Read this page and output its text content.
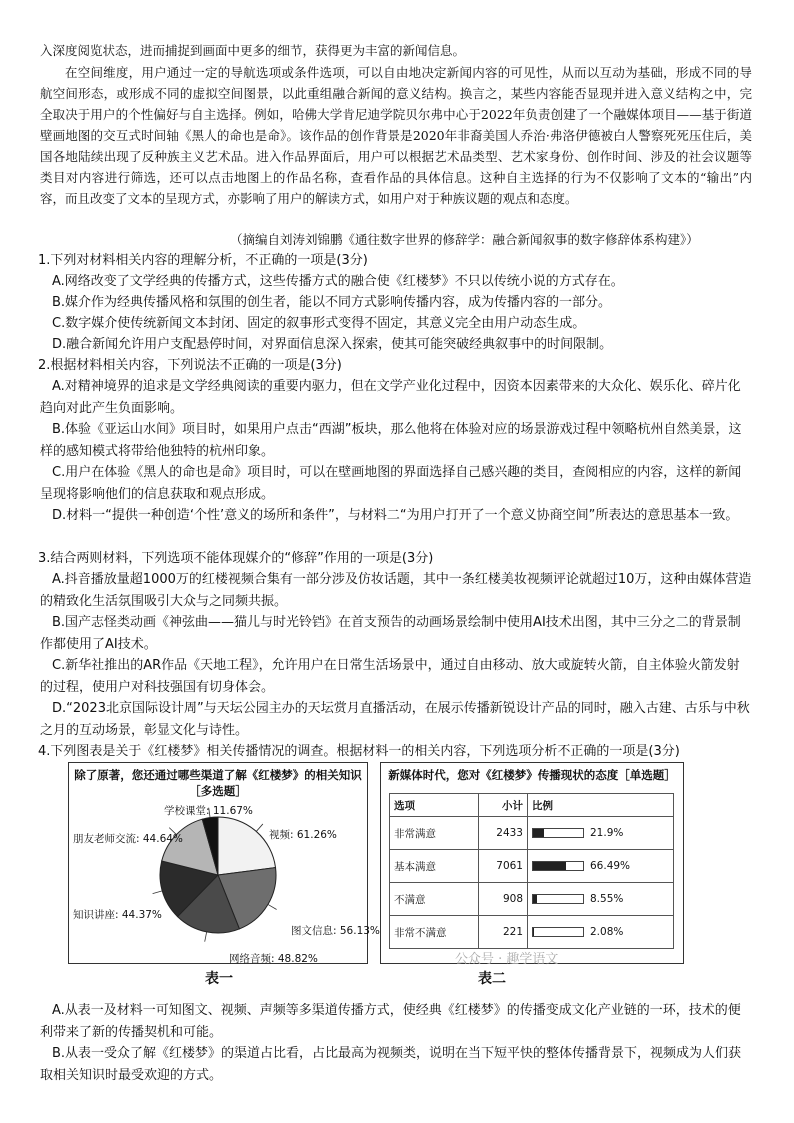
入深度阅览状态，进而捕捉到画面中更多的细节，获得更为丰富的新闻信息。

在空间维度，用户通过一定的导航选项或条件选项，可以自由地决定新闻内容的可见性，从而以互动为基础，形成不同的导航空间形态，或形成不同的虚拟空间图景，以此重组融合新闻的意义结构。换言之，某些内容能否显现并进入意义结构之中，完全取决于用户的个性偏好与自主选择。例如，哈佛大学肯尼迪学院贝尔弗中心于2022年负责创建了一个融媒体项目——基于街道壁画地图的交互式时间轴《黑人的命也是命》。该作品的创作背景是2020年非裔美国人乔治·弗洛伊德被白人警察死死压住后，美国各地陆续出现了反种族主义艺术品。进入作品界面后，用户可以根据艺术品类型、艺术家身份、创作时间、涉及的社会议题等类目对内容进行筛选，还可以点击地图上的作品名称，查看作品的具体信息。这种自主选择的行为不仅影响了文本的“输出”内容，而且改变了文本的呈现方式，亦影响了用户的解读方式，如用户对于种族议题的观点和态度。

（摘编自刘涛刘锦鹏《通往数字世界的修辞学：融合新闻叙事的数字修辞体系构建》）
1.下列对材料相关内容的理解分析，不正确的一项是(3分)
A.网络改变了文学经典的传播方式，这些传播方式的融合使《红楼梦》不只以传统小说的方式存在。
B.媒介作为经典传播风格和氛围的创生者，能以不同方式影响传播内容，成为传播内容的一部分。
C.数字媒介使传统新闻文本封闭、固定的叙事形式变得不固定，其意义完全由用户动态生成。
D.融合新闻允许用户支配悬停时间，对界面信息深入探索，使其可能突破经典叙事中的时间限制。
2.根据材料相关内容，下列说法不正确的一项是(3分)
A.对精神境界的追求是文学经典阅读的重要内驱力，但在文学产业化过程中，因资本因素带来的大众化、娱乐化、碎片化趋向对此产生负面影响。
B.体验《亚运山水间》项目时，如果用户点击“西湖”板块，那么他将在体验对应的场景游戏过程中领略杭州自然美景，这样的感知模式将带给他独特的杭州印象。
C.用户在体验《黑人的命也是命》项目时，可以在壁画地图的界面选择自己感兴趣的类目，查阅相应的内容，这样的新闻呈现将影响他们的信息获取和观点形成。
D.材料一“提供一种创造‘个性’意义的场所和条件”，与材料二“为用户打开了一个意义协商空间”所表达的意思基本一致。
3.结合两则材料，下列选项不能体现媒介的“修辞”作用的一项是(3分)
A.抖音播放量超1000万的红楼视频合集有一部分涉及仿妆话题，其中一条红楼美妆视频评论就超过10万，这种由媒体营造的精致化生活氛围吸引大众与之同频共振。
B.国产志怪类动画《神弦曲——猫儿与时光铃铛》在首支预告的动画场景绘制中使用AI技术出图，其中三分之二的背景制作都使用了AI技术。
C.新华社推出的AR作品《天地工程》，允许用户在日常生活场景中，通过自由移动、放大或旋转火箭，自主体验火箭发射的过程，使用户对科技强国有切身体会。
D.“2023北京国际设计周”与天坛公园主办的天坛赏月直播活动，在展示传播新锐设计产品的同时，融入古建、古乐与中秋之月的互动场景，彰显文化与诗性。
4.下列图表是关于《红楼梦》相关传播情况的调查。根据材料一的相关内容，下列选项分析不正确的一项是(3分)
除了原著，您还通过哪些渠道了解《红楼梦》的相关知识［多选题］
视频: 61.26%
图文信息: 56.13%
网络音频: 48.82%
知识讲座: 44.37%
朋友老师交流: 44.64%
学校课堂: 11.67%
表一
新媒体时代，您对《红楼梦》传播现状的态度［单选题］
选项	小计	比例
非常满意	2433	21.9%
基本满意	7061	66.49%
不满意	908	8.55%
非常不满意	221	2.08%
表二
公众号 · 趣学语文
A.从表一及材料一可知图文、视频、声频等多渠道传播方式，使经典《红楼梦》的传播变成文化产业链的一环，技术的便利带来了新的传播契机和可能。
B.从表一受众了解《红楼梦》的渠道占比看，占比最高为视频类，说明在当下短平快的整体传播背景下，视频成为人们获取相关知识时最受欢迎的方式。
